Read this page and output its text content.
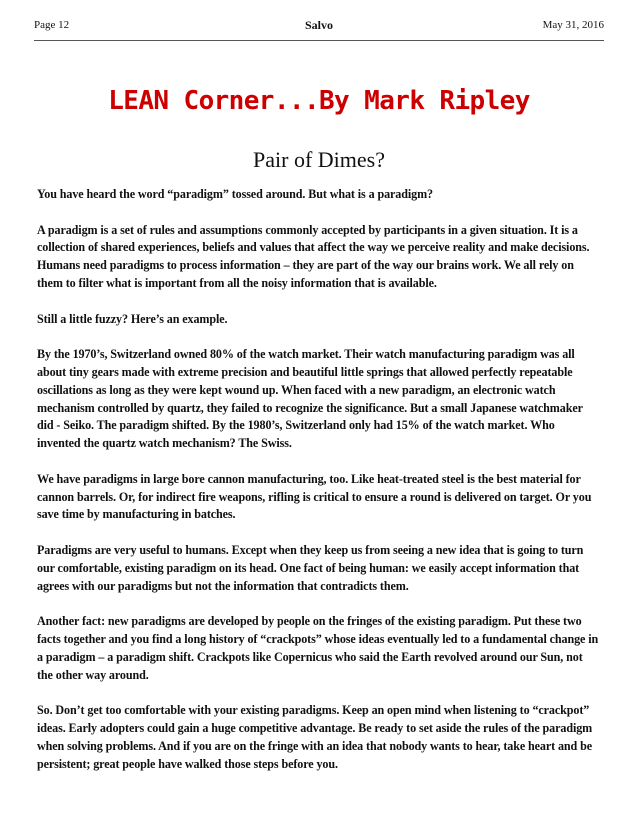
Page 12	Salvo	May 31, 2016
LEAN Corner...By Mark Ripley
Pair of Dimes?

You have heard the word “paradigm” tossed around. But what is a paradigm?

A paradigm is a set of rules and assumptions commonly accepted by participants in a given situation. It is a collection of shared experiences, beliefs and values that affect the way we perceive reality and make decisions. Humans need paradigms to process information – they are part of the way our brains work. We all rely on them to filter what is important from all the noisy information that is available.

Still a little fuzzy? Here’s an example.

By the 1970’s, Switzerland owned 80% of the watch market. Their watch manufacturing paradigm was all about tiny gears made with extreme precision and beautiful little springs that allowed perfectly repeatable oscillations as long as they were kept wound up. When faced with a new paradigm, an electronic watch mechanism controlled by quartz, they failed to recognize the significance. But a small Japanese watchmaker did - Seiko. The paradigm shifted. By the 1980’s, Switzerland only had 15% of the watch market. Who invented the quartz watch mechanism? The Swiss.

We have paradigms in large bore cannon manufacturing, too. Like heat-treated steel is the best material for cannon barrels. Or, for indirect fire weapons, rifling is critical to ensure a round is delivered on target. Or you save time by manufacturing in batches.

Paradigms are very useful to humans. Except when they keep us from seeing a new idea that is going to turn our comfortable, existing paradigm on its head. One fact of being human: we easily accept information that agrees with our paradigms but not the information that contradicts them.

Another fact: new paradigms are developed by people on the fringes of the existing paradigm. Put these two facts together and you find a long history of “crackpots” whose ideas eventually led to a fundamental change in a paradigm – a paradigm shift. Crackpots like Copernicus who said the Earth revolved around our Sun, not the other way around.

So. Don’t get too comfortable with your existing paradigms. Keep an open mind when listening to “crackpot” ideas. Early adopters could gain a huge competitive advantage. Be ready to set aside the rules of the paradigm when solving problems. And if you are on the fringe with an idea that nobody wants to hear, take heart and be persistent; great people have walked those steps before you.
